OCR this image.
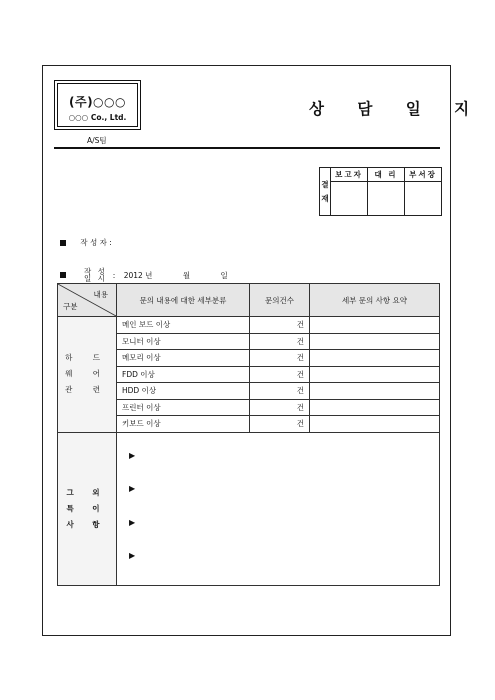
(주)○○○
○○○ Co., Ltd.
A/S팀
상 담 일 지
결재	보고자	대 리	부서장

작 성 자 :
작 성 일 시 : 2012 년	월	일
내용
구분	문의 내용에 대한 세부분류	문의건수	세부 문의 사항 요약
하 드 웨 어 관 련	메인 보드 이상	건	
	모니터 이상	건	
	메모리 이상	건	
	FDD 이상	건	
	HDD 이상	건	
	프린터 이상	건	
	키보드 이상	건	
그 외 특 이 사 항	▶
▶
▶
▶		
